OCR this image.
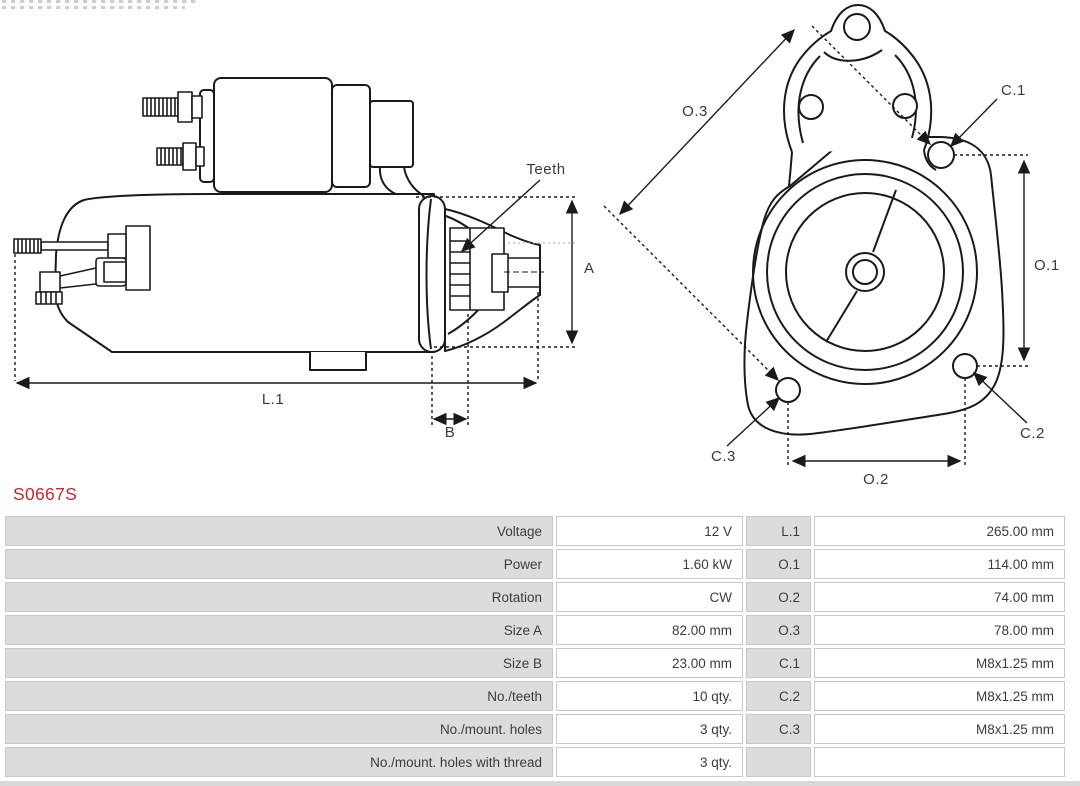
Teeth
A
L.1
B
O.3
O.1
O.2
C.1
C.2
C.3
S0667S
Voltage	12 V	L.1	265.00 mm
Power	1.60 kW	O.1	114.00 mm
Rotation	CW	O.2	74.00 mm
Size A	82.00 mm	O.3	78.00 mm
Size B	23.00 mm	C.1	M8x1.25 mm
No./teeth	10 qty.	C.2	M8x1.25 mm
No./mount. holes	3 qty.	C.3	M8x1.25 mm
No./mount. holes with thread	3 qty.
